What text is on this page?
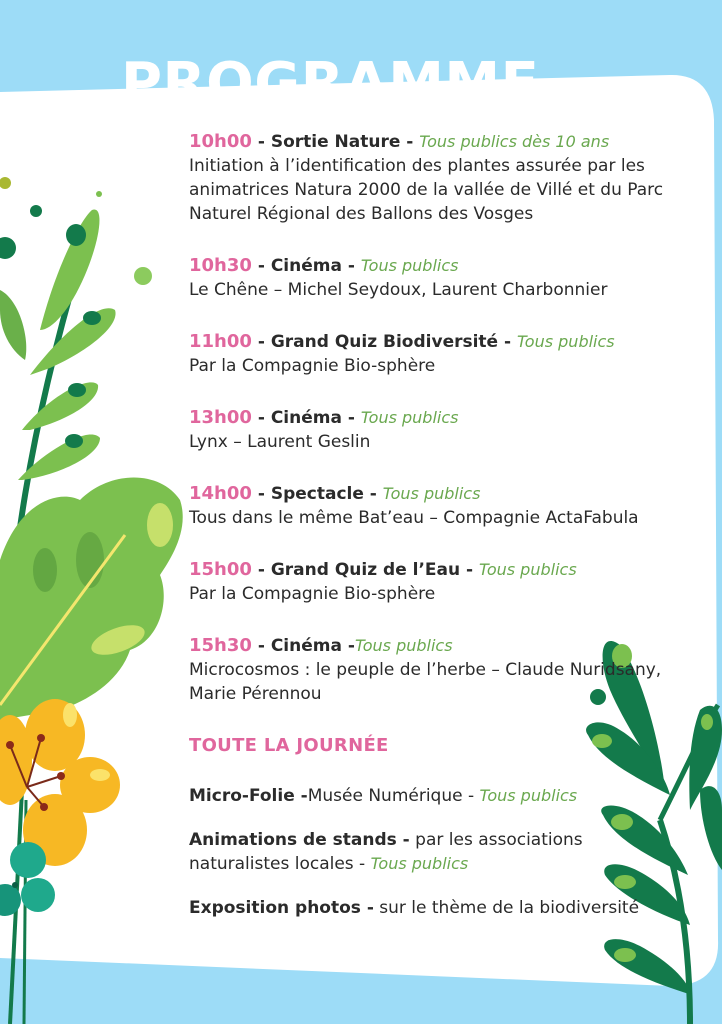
PROGRAMME
10h00 - Sortie Nature - Tous publics dès 10 ans
Initiation à l’identification des plantes assurée par les animatrices Natura 2000 de la vallée de Villé et du Parc Naturel Régional des Ballons des Vosges
10h30 - Cinéma - Tous publics
Le Chêne – Michel Seydoux, Laurent Charbonnier
11h00 - Grand Quiz Biodiversité - Tous publics
Par la Compagnie Bio-sphère
13h00 - Cinéma - Tous publics
Lynx – Laurent Geslin
14h00 - Spectacle - Tous publics
Tous dans le même Bat’eau – Compagnie ActaFabula
15h00 - Grand Quiz de l’Eau - Tous publics
Par la Compagnie Bio-sphère
15h30 - Cinéma -Tous publics
Microcosmos : le peuple de l’herbe – Claude Nuridsany, Marie Pérennou
TOUTE LA JOURNÉE
Micro-Folie -Musée Numérique - Tous publics
Animations de stands - par les associations naturalistes locales - Tous publics
Exposition photos - sur le thème de la biodiversité
